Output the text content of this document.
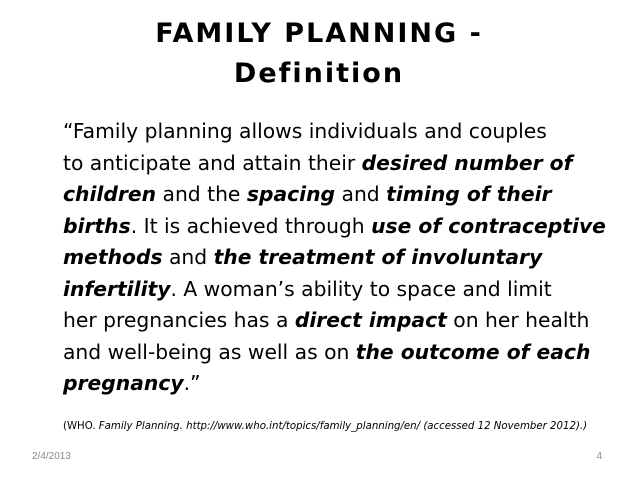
FAMILY PLANNING -
Definition

“Family planning allows individuals and couples
to anticipate and attain their desired number of
children and the spacing and timing of their
births. It is achieved through use of contraceptive
methods and the treatment of involuntary
infertility. A woman’s ability to space and limit
her pregnancies has a direct impact on her health
and well-being as well as on the outcome of each
pregnancy.”

(WHO. Family Planning. http://www.who.int/topics/family_planning/en/ (accessed 12 November 2012).)
2/4/2013	4
